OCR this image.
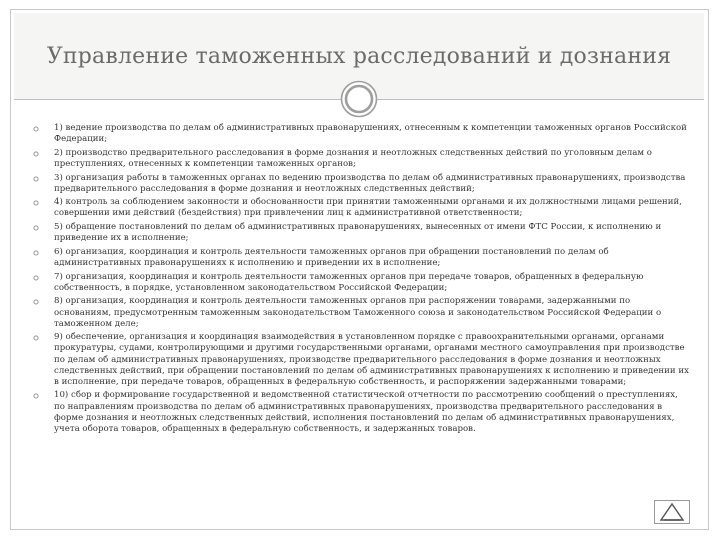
Управление таможенных расследований и дознания
1) ведение производства по делам об административных правонарушениях, отнесенным к компетенции таможенных органов Российской Федерации;
2) производство предварительного расследования в форме дознания и неотложных следственных действий по уголовным делам о преступлениях, отнесенных к компетенции таможенных органов;
3) организация работы в таможенных органах по ведению производства по делам об административных правонарушениях, производства предварительного расследования в форме дознания и неотложных следственных действий;
4) контроль за соблюдением законности и обоснованности при принятии таможенными органами и их должностными лицами решений, совершении ими действий (бездействия) при привлечении лиц к административной ответственности;
5) обращение постановлений по делам об административных правонарушениях, вынесенных от имени ФТС России, к исполнению и приведение их в исполнение;
6) организация, координация и контроль деятельности таможенных органов при обращении постановлений по делам об административных правонарушениях к исполнению и приведении их в исполнение;
7) организация, координация и контроль деятельности таможенных органов при передаче товаров, обращенных в федеральную собственность, в порядке, установленном законодательством Российской Федерации;
8) организация, координация и контроль деятельности таможенных органов при распоряжении товарами, задержанными по основаниям, предусмотренным таможенным законодательством Таможенного союза и законодательством Российской Федерации о таможенном деле;
9) обеспечение, организация и координация взаимодействия в установленном порядке с правоохранительными органами, органами прокуратуры, судами, контролирующими и другими государственными органами, органами местного самоуправления при производстве по делам об административных правонарушениях, производстве предварительного расследования в форме дознания и неотложных следственных действий, при обращении постановлений по делам об административных правонарушениях к исполнению и приведении их в исполнение, при передаче товаров, обращенных в федеральную собственность, и распоряжении задержанными товарами;
10) сбор и формирование государственной и ведомственной статистической отчетности по рассмотрению сообщений о преступлениях, по направлениям производства по делам об административных правонарушениях, производства предварительного расследования в форме дознания и неотложных следственных действий, исполнения постановлений по делам об административных правонарушениях, учета оборота товаров, обращенных в федеральную собственность, и задержанных товаров.
